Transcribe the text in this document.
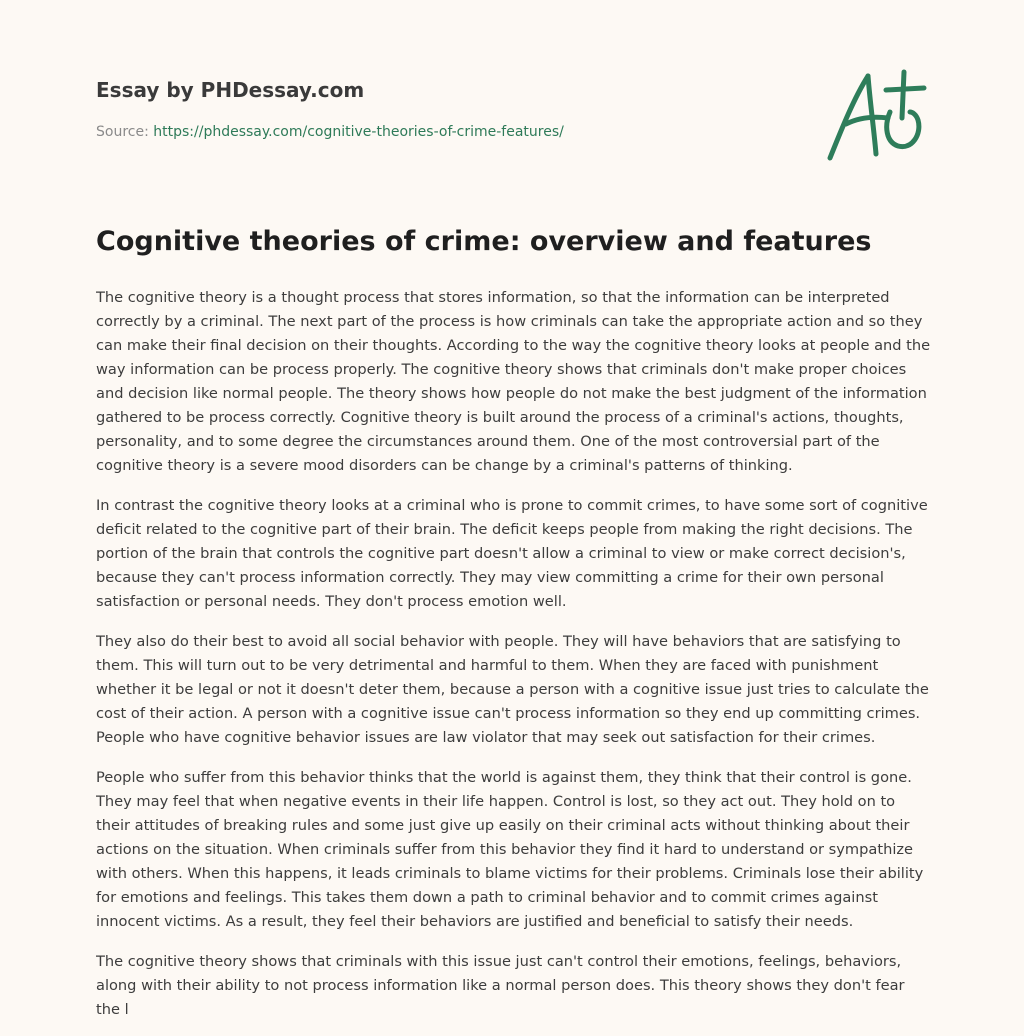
Essay by PHDessay.com
Source: https://phdessay.com/cognitive-theories-of-crime-features/
Cognitive theories of crime: overview and features

The cognitive theory is a thought process that stores information, so that the information can be interpreted correctly by a criminal. The next part of the process is how criminals can take the appropriate action and so they can make their final decision on their thoughts. According to the way the cognitive theory looks at people and the way information can be process properly. The cognitive theory shows that criminals don't make proper choices and decision like normal people. The theory shows how people do not make the best judgment of the information gathered to be process correctly. Cognitive theory is built around the process of a criminal's actions, thoughts, personality, and to some degree the circumstances around them. One of the most controversial part of the cognitive theory is a severe mood disorders can be change by a criminal's patterns of thinking.

In contrast the cognitive theory looks at a criminal who is prone to commit crimes, to have some sort of cognitive deficit related to the cognitive part of their brain. The deficit keeps people from making the right decisions. The portion of the brain that controls the cognitive part doesn't allow a criminal to view or make correct decision's, because they can't process information correctly. They may view committing a crime for their own personal satisfaction or personal needs. They don't process emotion well.

They also do their best to avoid all social behavior with people. They will have behaviors that are satisfying to them. This will turn out to be very detrimental and harmful to them. When they are faced with punishment whether it be legal or not it doesn't deter them, because a person with a cognitive issue just tries to calculate the cost of their action. A person with a cognitive issue can't process information so they end up committing crimes. People who have cognitive behavior issues are law violator that may seek out satisfaction for their crimes.

People who suffer from this behavior thinks that the world is against them, they think that their control is gone. They may feel that when negative events in their life happen. Control is lost, so they act out. They hold on to their attitudes of breaking rules and some just give up easily on their criminal acts without thinking about their actions on the situation. When criminals suffer from this behavior they find it hard to understand or sympathize with others. When this happens, it leads criminals to blame victims for their problems. Criminals lose their ability for emotions and feelings. This takes them down a path to criminal behavior and to commit crimes against innocent victims. As a result, they feel their behaviors are justified and beneficial to satisfy their needs.

The cognitive theory shows that criminals with this issue just can't control their emotions, feelings, behaviors, along with their ability to not process information like a normal person does. This theory shows they don't fear the l
